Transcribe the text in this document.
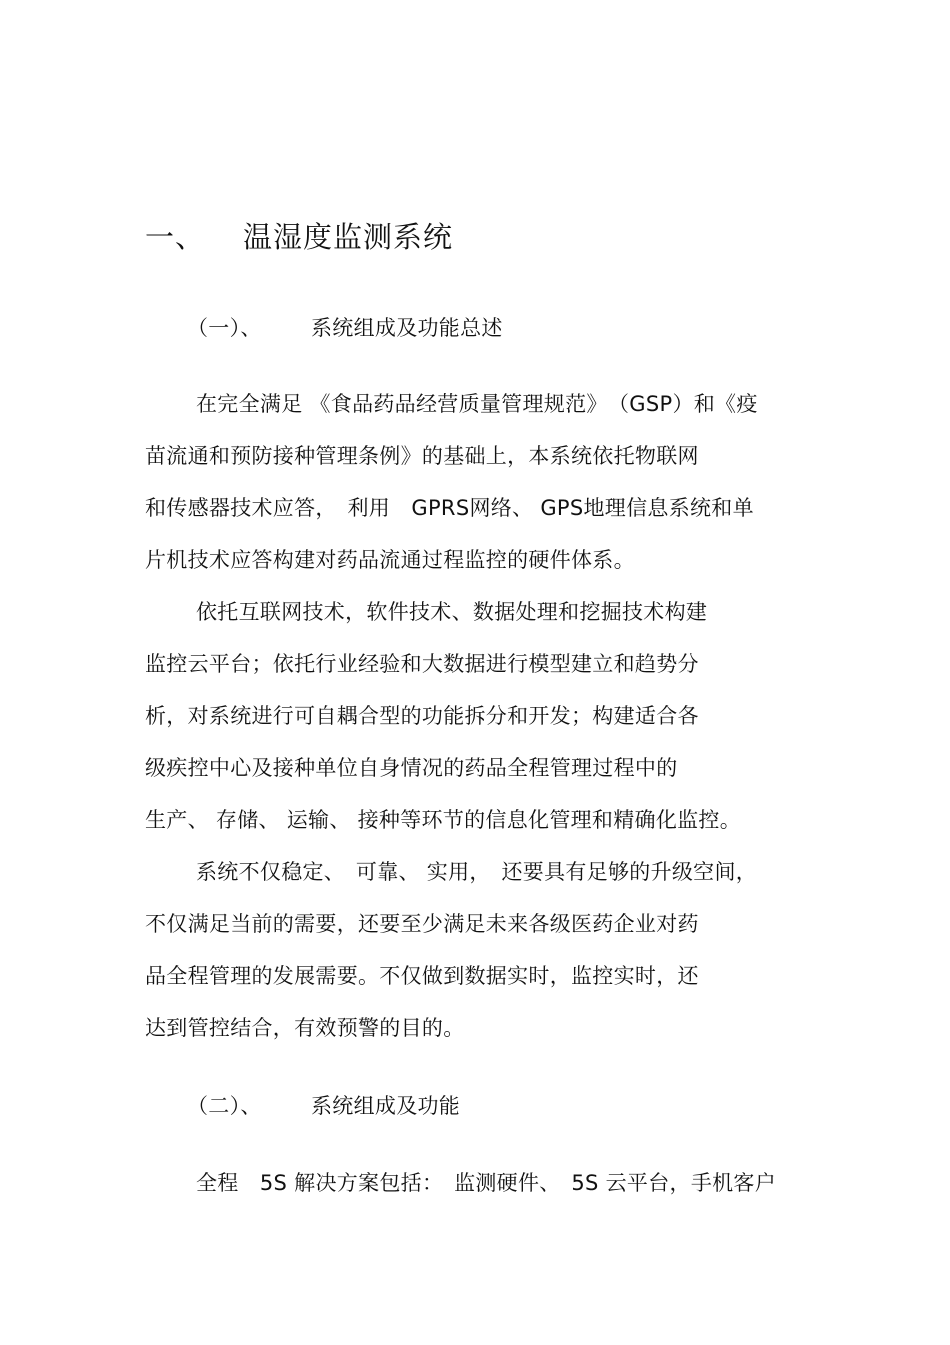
一、 温湿度监测系统
（一）、 系统组成及功能总述
在完全满足 《食品药品经营质量管理规范》　（GSP）和《疫
苗流通和预防接种管理条例》的基础上，本系统依托物联网
和传感器技术应答，　利用　GPRS网络、 GPS地理信息系统和单
片机技术应答构建对药品流通过程监控的硬件体系。
依托互联网技术，软件技术、数据处理和挖掘技术构建
监控云平台；依托行业经验和大数据进行模型建立和趋势分
析，对系统进行可自耦合型的功能拆分和开发；构建适合各
级疾控中心及接种单位自身情况的药品全程管理过程中的
生产、 存储、 运输、 接种等环节的信息化管理和精确化监控。
系统不仅稳定、　可靠、 实用，　还要具有足够的升级空间，
不仅满足当前的需要，还要至少满足未来各级医药企业对药
品全程管理的发展需要。不仅做到数据实时，监控实时，还
达到管控结合，有效预警的目的。
（二）、 系统组成及功能
全程　5S 解决方案包括：　监测硬件、　5S 云平台，手机客户
